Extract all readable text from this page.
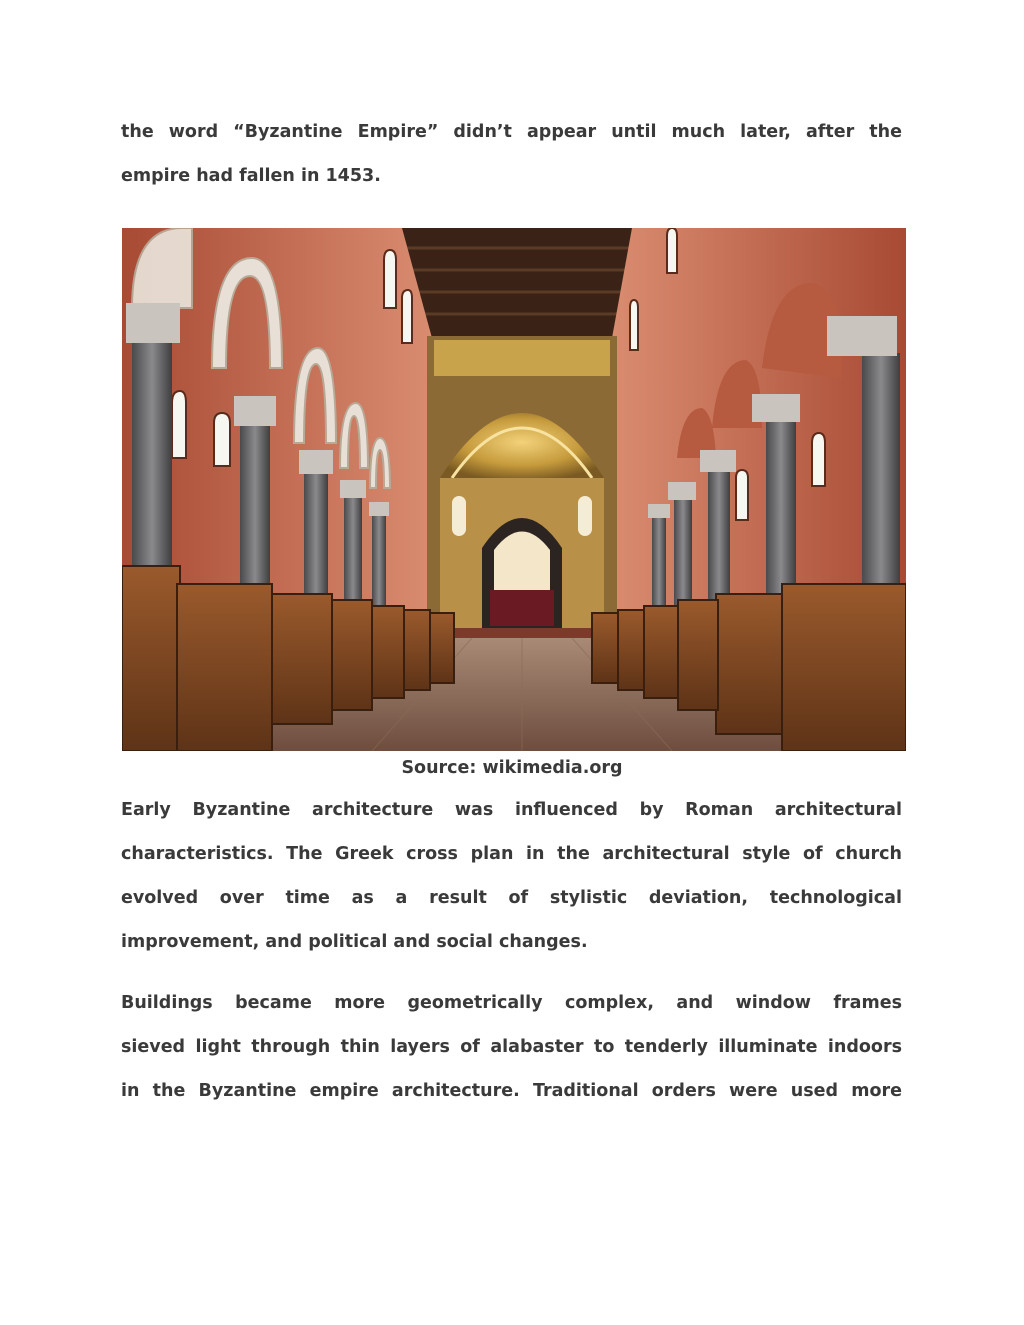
the word “Byzantine Empire” didn’t appear until much later, after the
empire had fallen in 1453.

Source: wikimedia.org

Early Byzantine architecture was influenced by Roman architectural
characteristics. The Greek cross plan in the architectural style of church
evolved over time as a result of stylistic deviation, technological
improvement, and political and social changes.

Buildings became more geometrically complex, and window frames
sieved light through thin layers of alabaster to tenderly illuminate indoors
in the Byzantine empire architecture. Traditional orders were used more
